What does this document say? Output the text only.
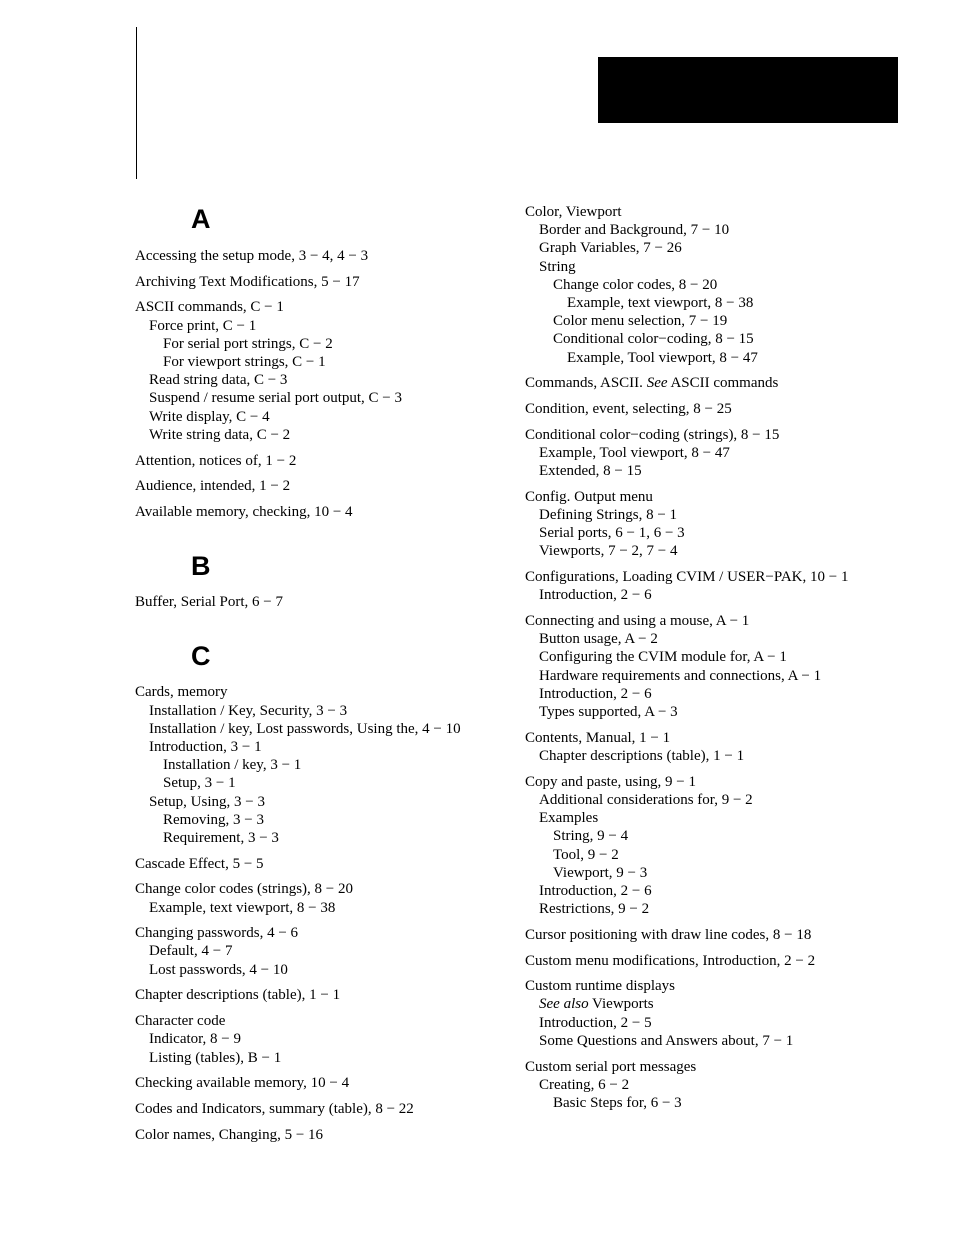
A
Accessing the setup mode, 3 − 4, 4 − 3
Archiving Text Modifications, 5 − 17
ASCII commands, C − 1
Force print, C − 1
For serial port strings, C − 2
For viewport strings, C − 1
Read string data, C − 3
Suspend / resume serial port output, C − 3
Write display, C − 4
Write string data, C − 2
Attention, notices of, 1 − 2
Audience, intended, 1 − 2
Available memory, checking, 10 − 4
B
Buffer, Serial Port, 6 − 7
C
Cards, memory
Installation / Key, Security, 3 − 3
Installation / key, Lost passwords, Using the, 4 − 10
Introduction, 3 − 1
Installation / key, 3 − 1
Setup, 3 − 1
Setup, Using, 3 − 3
Removing, 3 − 3
Requirement, 3 − 3
Cascade Effect, 5 − 5
Change color codes (strings), 8 − 20
Example, text viewport, 8 − 38
Changing passwords, 4 − 6
Default, 4 − 7
Lost passwords, 4 − 10
Chapter descriptions (table), 1 − 1
Character code
Indicator, 8 − 9
Listing (tables), B − 1
Checking available memory, 10 − 4
Codes and Indicators, summary (table), 8 − 22
Color names, Changing, 5 − 16
Color, Viewport
Border and Background, 7 − 10
Graph Variables, 7 − 26
String
Change color codes, 8 − 20
Example, text viewport, 8 − 38
Color menu selection, 7 − 19
Conditional color−coding, 8 − 15
Example, Tool viewport, 8 − 47
Commands, ASCII. See ASCII commands
Condition, event, selecting, 8 − 25
Conditional color−coding (strings), 8 − 15
Example, Tool viewport, 8 − 47
Extended, 8 − 15
Config. Output menu
Defining Strings, 8 − 1
Serial ports, 6 − 1, 6 − 3
Viewports, 7 − 2, 7 − 4
Configurations, Loading CVIM / USER−PAK, 10 − 1
Introduction, 2 − 6
Connecting and using a mouse, A − 1
Button usage, A − 2
Configuring the CVIM module for, A − 1
Hardware requirements and connections, A − 1
Introduction, 2 − 6
Types supported, A − 3
Contents, Manual, 1 − 1
Chapter descriptions (table), 1 − 1
Copy and paste, using, 9 − 1
Additional considerations for, 9 − 2
Examples
String, 9 − 4
Tool, 9 − 2
Viewport, 9 − 3
Introduction, 2 − 6
Restrictions, 9 − 2
Cursor positioning with draw line codes, 8 − 18
Custom menu modifications, Introduction, 2 − 2
Custom runtime displays
See also Viewports
Introduction, 2 − 5
Some Questions and Answers about, 7 − 1
Custom serial port messages
Creating, 6 − 2
Basic Steps for, 6 − 3
